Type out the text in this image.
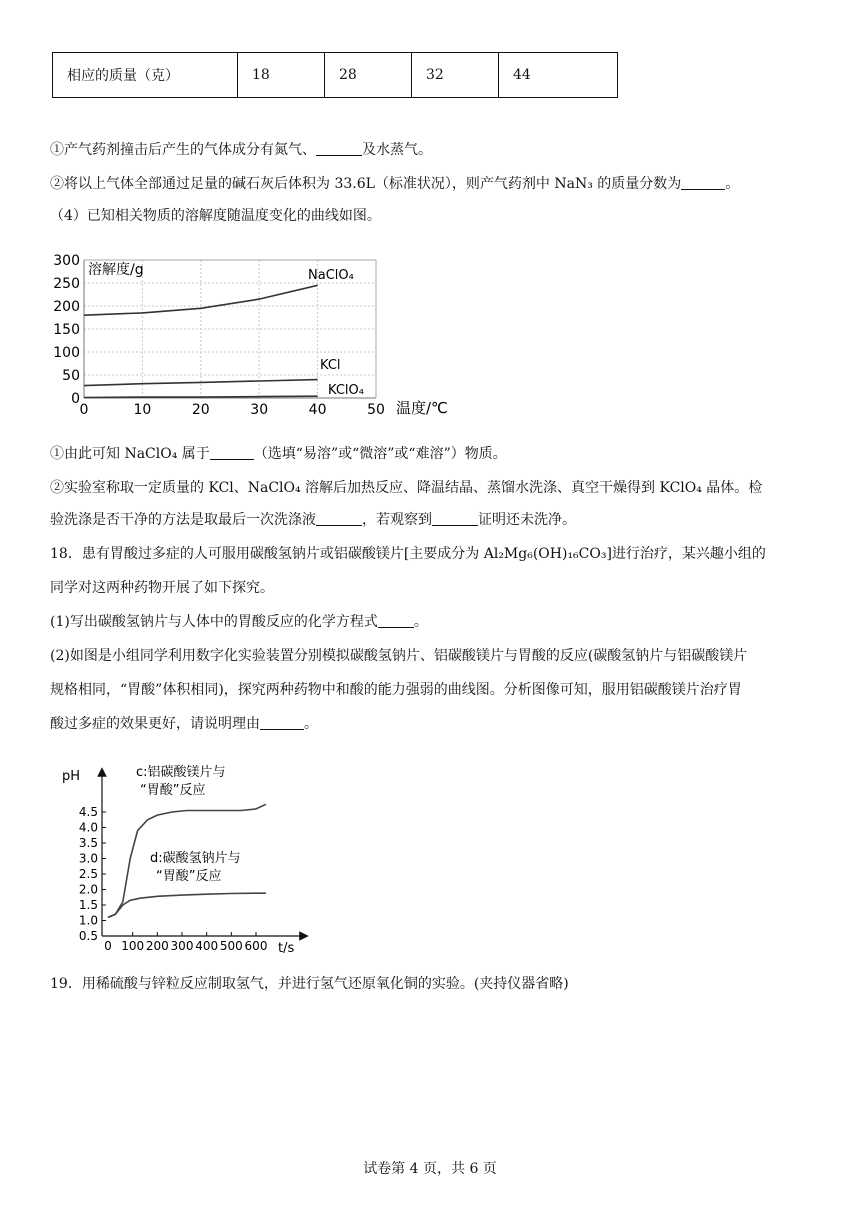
相应的质量（克）	18	28	32	44
①产气药剂撞击后产生的气体成分有氮气、	及水蒸气。
②将以上气体全部通过足量的碱石灰后体积为 33.6L（标准状况），则产气药剂中 NaN₃ 的质量分数为	。
（4）已知相关物质的溶解度随温度变化的曲线如图。
0
50
100
150
200
250
300
0	10	20	30	40	50
溶解度/g
温度/℃
NaClO₄
KCl
KClO₄
①由此可知 NaClO₄ 属于	（选填“易溶”或“微溶”或“难溶”）物质。
②实验室称取一定质量的 KCl、NaClO₄ 溶解后加热反应、降温结晶、蒸馏水洗涤、真空干燥得到 KClO₄ 晶体。检
验洗涤是否干净的方法是取最后一次洗涤液	，若观察到	证明还未洗净。
18．患有胃酸过多症的人可服用碳酸氢钠片或铝碳酸镁片[主要成分为 Al₂Mg₆(OH)₁₆CO₃]进行治疗，某兴趣小组的
同学对这两种药物开展了如下探究。
(1)写出碳酸氢钠片与人体中的胃酸反应的化学方程式	。
(2)如图是小组同学利用数字化实验装置分别模拟碳酸氢钠片、铝碳酸镁片与胃酸的反应(碳酸氢钠片与铝碳酸镁片
规格相同，“胃酸”体积相同)，探究两种药物中和酸的能力强弱的曲线图。分析图像可知，服用铝碳酸镁片治疗胃
酸过多症的效果更好，请说明理由	。
0.5
1.0
1.5
2.0
2.5
3.0
3.5
4.0
4.5
0 100 200 300 400 500 600
pH
t/s
c:铝碳酸镁片与
“胃酸”反应
d:碳酸氢钠片与
“胃酸”反应
19．用稀硫酸与锌粒反应制取氢气，并进行氢气还原氧化铜的实验。(夹持仪器省略)
试卷第 4 页，共 6 页
